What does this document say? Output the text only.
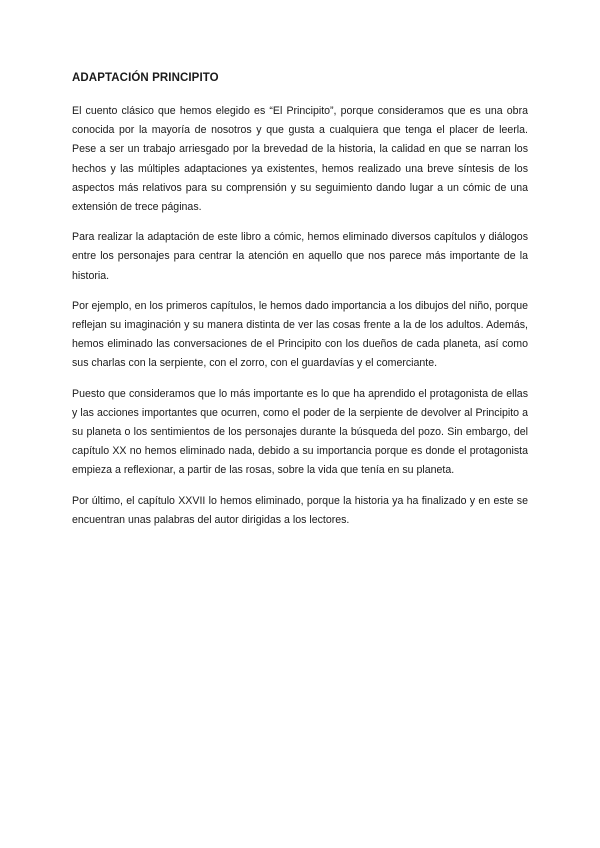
ADAPTACIÓN PRINCIPITO

El cuento clásico que hemos elegido es “El Principito”, porque consideramos que es una obra conocida por la mayoría de nosotros y que gusta a cualquiera que tenga el placer de leerla. Pese a ser un trabajo arriesgado por la brevedad de la historia, la calidad en que se narran los hechos y las múltiples adaptaciones ya existentes, hemos realizado una breve síntesis de los aspectos más relativos para su comprensión y su seguimiento dando lugar a un cómic de una extensión de trece páginas.

Para realizar la adaptación de este libro a cómic, hemos eliminado diversos capítulos y diálogos entre los personajes para centrar la atención en aquello que nos parece más importante de la historia.

Por ejemplo, en los primeros capítulos, le hemos dado importancia a los dibujos del niño, porque reflejan su imaginación y su manera distinta de ver las cosas frente a la de los adultos. Además, hemos eliminado las conversaciones de el Principito con los dueños de cada planeta, así como sus charlas con la serpiente, con el zorro, con el guardavías y el comerciante.

Puesto que consideramos que lo más importante es lo que ha aprendido el protagonista de ellas y las acciones importantes que ocurren, como el poder de la serpiente de devolver al Principito a su planeta o los sentimientos de los personajes durante la búsqueda del pozo. Sin embargo, del capítulo XX no hemos eliminado nada, debido a su importancia porque es donde el protagonista empieza a reflexionar, a partir de las rosas, sobre la vida que tenía en su planeta.

Por último, el capítulo XXVII lo hemos eliminado, porque la historia ya ha finalizado y en este se encuentran unas palabras del autor dirigidas a los lectores.
